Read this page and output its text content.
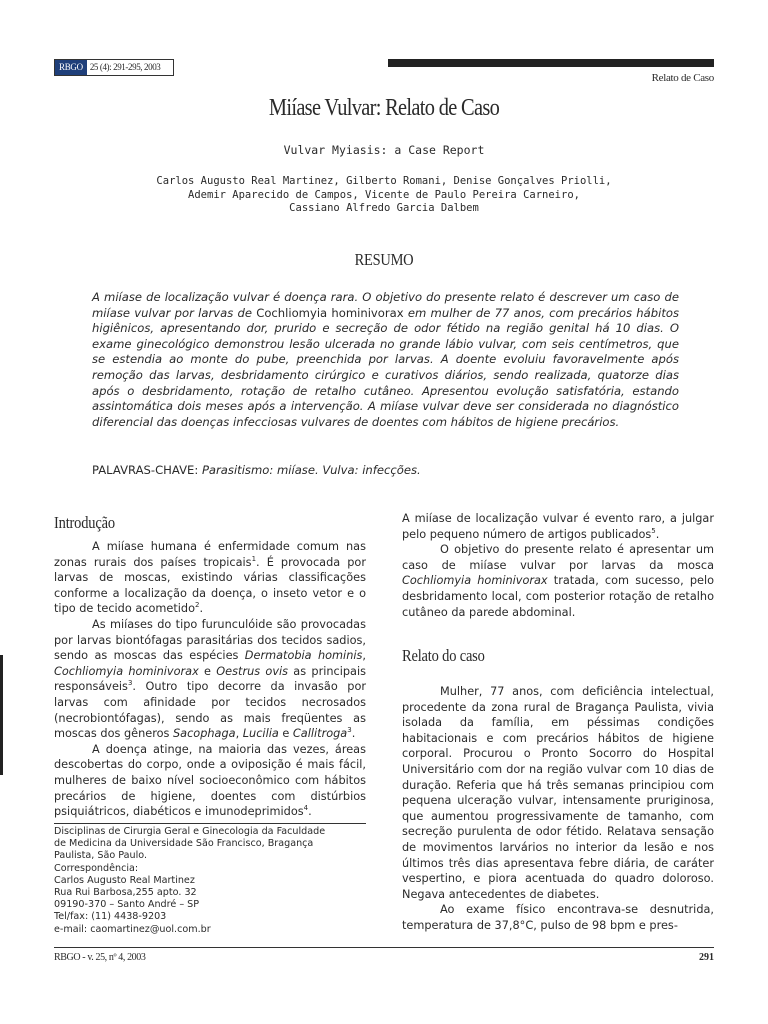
RBGO 25 (4): 291-295, 2003
Relato de Caso
Miíase Vulvar: Relato de Caso
Vulvar Myiasis: a Case Report
Carlos Augusto Real Martinez, Gilberto Romani, Denise Gonçalves Priolli,
Ademir Aparecido de Campos, Vicente de Paulo Pereira Carneiro,
Cassiano Alfredo Garcia Dalbem
RESUMO

A miíase de localização vulvar é doença rara. O objetivo do presente relato é descrever um caso de miíase vulvar por larvas de Cochliomyia hominivorax em mulher de 77 anos, com precários hábitos higiênicos, apresentando dor, prurido e secreção de odor fétido na região genital há 10 dias. O exame ginecológico demonstrou lesão ulcerada no grande lábio vulvar, com seis centímetros, que se estendia ao monte do pube, preenchida por larvas. A doente evoluiu favoravelmente após remoção das larvas, desbridamento cirúrgico e curativos diários, sendo realizada, quatorze dias após o desbridamento, rotação de retalho cutâneo. Apresentou evolução satisfatória, estando assintomática dois meses após a intervenção. A miíase vulvar deve ser considerada no diagnóstico diferencial das doenças infecciosas vulvares de doentes com hábitos de higiene precários.

PALAVRAS-CHAVE: Parasitismo: miíase. Vulva: infecções.
Introdução

A miíase humana é enfermidade comum nas zonas rurais dos países tropicais$^1$. É provocada por larvas de moscas, existindo várias classificações conforme a localização da doença, o inseto vetor e o tipo de tecido acometido$^2$.

As miíases do tipo furunculóide são provocadas por larvas biontófagas parasitárias dos tecidos sadios, sendo as moscas das espécies Dermatobia hominis, Cochliomyia hominivorax e Oestrus ovis as principais responsáveis$^3$. Outro tipo decorre da invasão por larvas com afinidade por tecidos necrosados (necrobiontófagas), sendo as mais freqüentes as moscas dos gêneros Sacophaga, Lucilia e Callitroga$^3$.

A doença atinge, na maioria das vezes, áreas descobertas do corpo, onde a oviposição é mais fácil, mulheres de baixo nível socioeconômico com hábitos precários de higiene, doentes com distúrbios psiquiátricos, diabéticos e imunodeprimidos$^4$.

Disciplinas de Cirurgia Geral e Ginecologia da Faculdade
de Medicina da Universidade São Francisco, Bragança
Paulista, São Paulo.
Correspondência:
Carlos Augusto Real Martinez
Rua Rui Barbosa,255 apto. 32
09190-370 – Santo André – SP
Tel/fax: (11) 4438-9203
e-mail: caomartinez@uol.com.br

A miíase de localização vulvar é evento raro, a julgar pelo pequeno número de artigos publicados$^5$.

O objetivo do presente relato é apresentar um caso de miíase vulvar por larvas da mosca Cochliomyia hominivorax tratada, com sucesso, pelo desbridamento local, com posterior rotação de retalho cutâneo da parede abdominal.

Relato do caso

Mulher, 77 anos, com deficiência intelectual, procedente da zona rural de Bragança Paulista, vivia isolada da família, em péssimas condições habitacionais e com precários hábitos de higiene corporal. Procurou o Pronto Socorro do Hospital Universitário com dor na região vulvar com 10 dias de duração. Referia que há três semanas principiou com pequena ulceração vulvar, intensamente pruriginosa, que aumentou progressivamente de tamanho, com secreção purulenta de odor fétido. Relatava sensação de movimentos larvários no interior da lesão e nos últimos três dias apresentava febre diária, de caráter vespertino, e piora acentuada do quadro doloroso. Negava antecedentes de diabetes.

Ao exame físico encontrava-se desnutrida, temperatura de 37,8°C, pulso de 98 bpm e pres-

RBGO - v. 25, nº 4, 2003	291
